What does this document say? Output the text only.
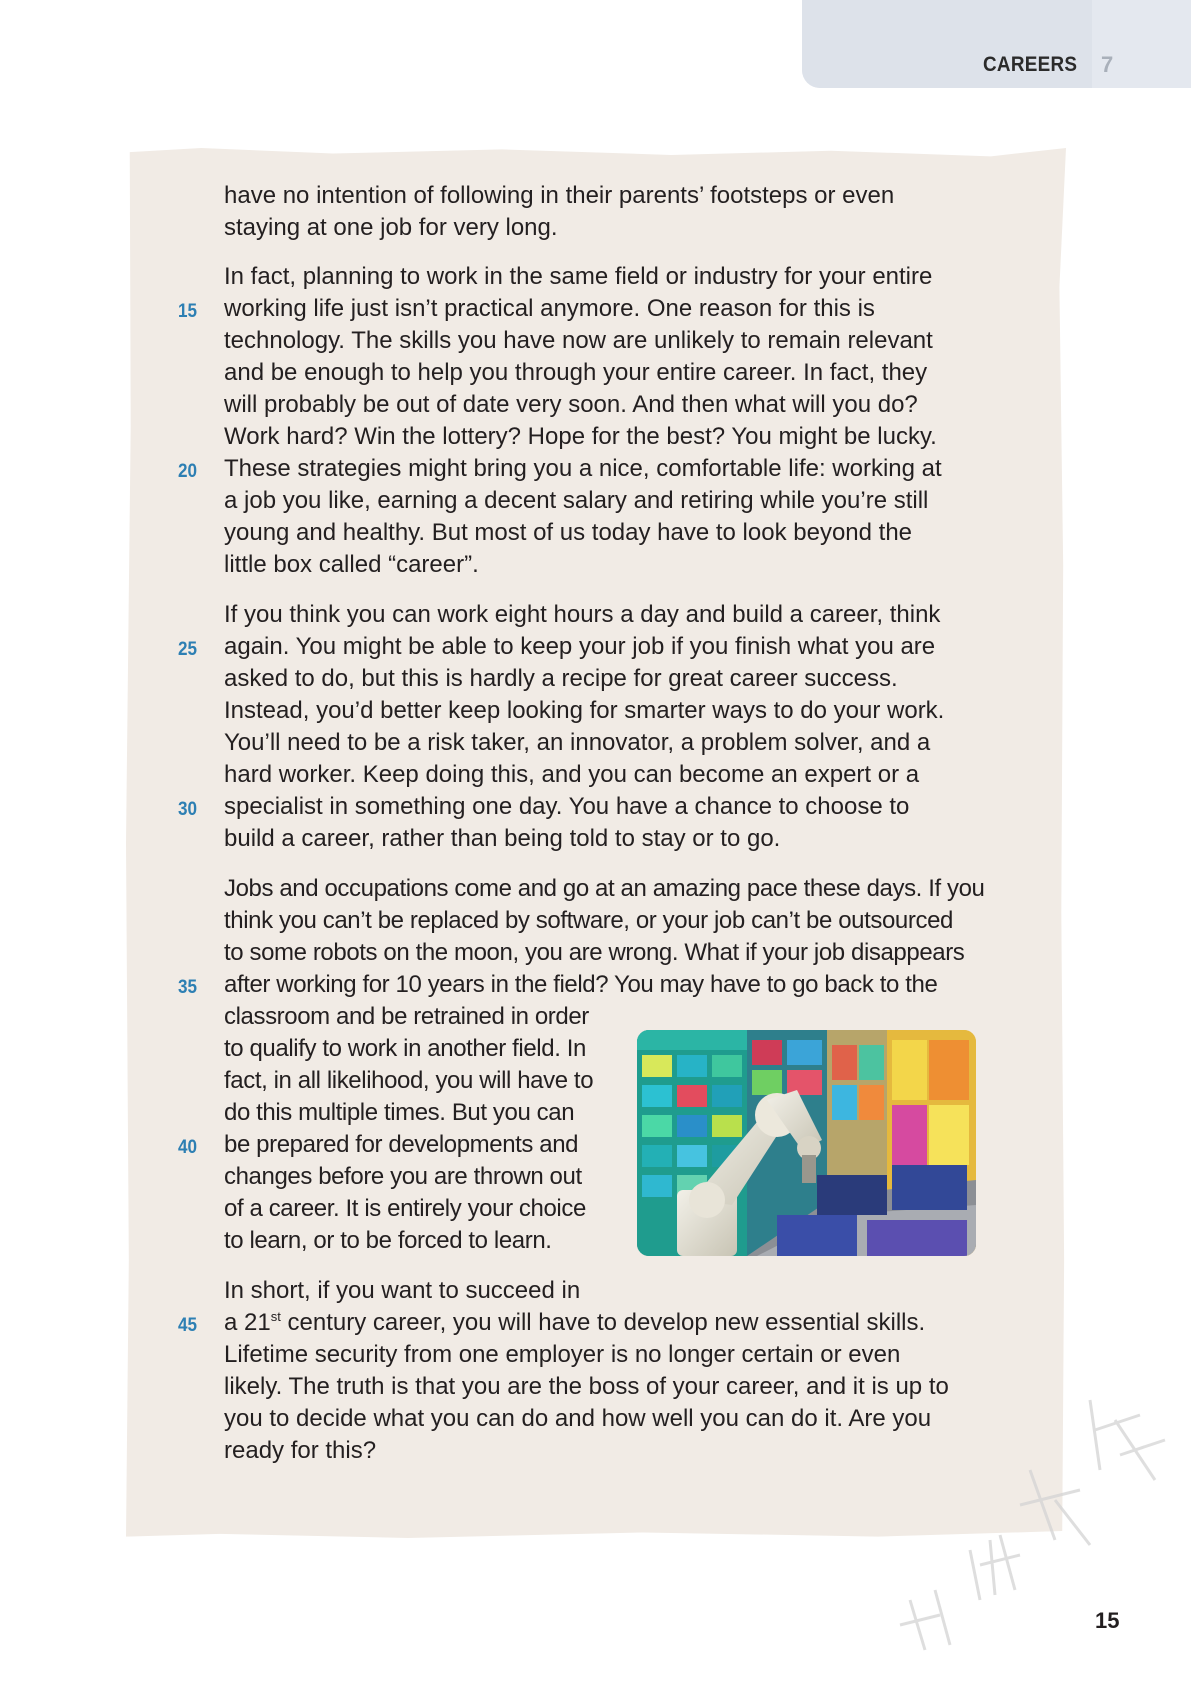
CAREERS 7
have no intention of following in their parents’ footsteps or even
staying at one job for very long.
In fact, planning to work in the same field or industry for your entire
working life just isn’t practical anymore. One reason for this is
15
technology. The skills you have now are unlikely to remain relevant
and be enough to help you through your entire career. In fact, they
will probably be out of date very soon. And then what will you do?
Work hard? Win the lottery? Hope for the best? You might be lucky.
These strategies might bring you a nice, comfortable life: working at
20
a job you like, earning a decent salary and retiring while you’re still
young and healthy. But most of us today have to look beyond the
little box called “career”.
If you think you can work eight hours a day and build a career, think
again. You might be able to keep your job if you finish what you are
25
asked to do, but this is hardly a recipe for great career success.
Instead, you’d better keep looking for smarter ways to do your work.
You’ll need to be a risk taker, an innovator, a problem solver, and a
hard worker. Keep doing this, and you can become an expert or a
specialist in something one day. You have a chance to choose to
30
build a career, rather than being told to stay or to go.
Jobs and occupations come and go at an amazing pace these days. If you
think you can’t be replaced by software, or your job can’t be outsourced
to some robots on the moon, you are wrong. What if your job disappears
after working for 10 years in the field? You may have to go back to the
35
classroom and be retrained in order
to qualify to work in another field. In
fact, in all likelihood, you will have to
do this multiple times. But you can
be prepared for developments and
40
changes before you are thrown out
of a career. It is entirely your choice
to learn, or to be forced to learn.
In short, if you want to succeed in
a 21st century career, you will have to develop new essential skills.
45
Lifetime security from one employer is no longer certain or even
likely. The truth is that you are the boss of your career, and it is up to
you to decide what you can do and how well you can do it. Are you
ready for this?
15
